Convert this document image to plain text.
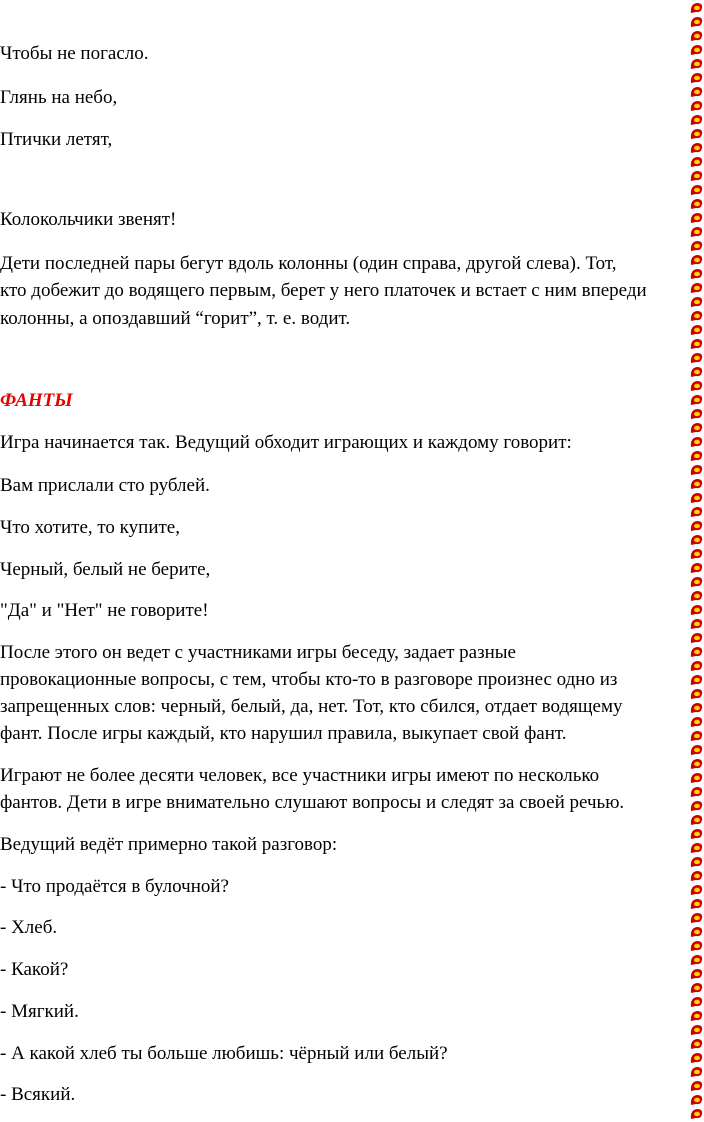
Чтобы не погасло.

Глянь на небо,

Птички летят,

Колокольчики звенят!

Дети последней пары бегут вдоль колонны (один справа, другой слева). Тот,

кто добежит до водящего первым, берет у него платочек и встает с ним впереди

колонны, а опоздавший “горит”, т. е. водит.

ФАНТЫ

Игра начинается так. Ведущий обходит играющих и каждому говорит:

Вам прислали сто рублей.

Что хотите, то купите,

Черный, белый не берите,

"Да" и "Нет" не говорите!

После этого он ведет с участниками игры беседу, задает разные

провокационные вопросы, с тем, чтобы кто-то в разговоре произнес одно из

запрещенных слов: черный, белый, да, нет. Тот, кто сбился, отдает водящему

фант. После игры каждый, кто нарушил правила, выкупает свой фант.

Играют не более десяти человек, все участники игры имеют по несколько

фантов. Дети в игре внимательно слушают вопросы и следят за своей речью.

Ведущий ведёт примерно такой разговор:

- Что продаётся в булочной?

- Хлеб.

- Какой?

- Мягкий.

- А какой хлеб ты больше любишь: чёрный или белый?

- Всякий.
